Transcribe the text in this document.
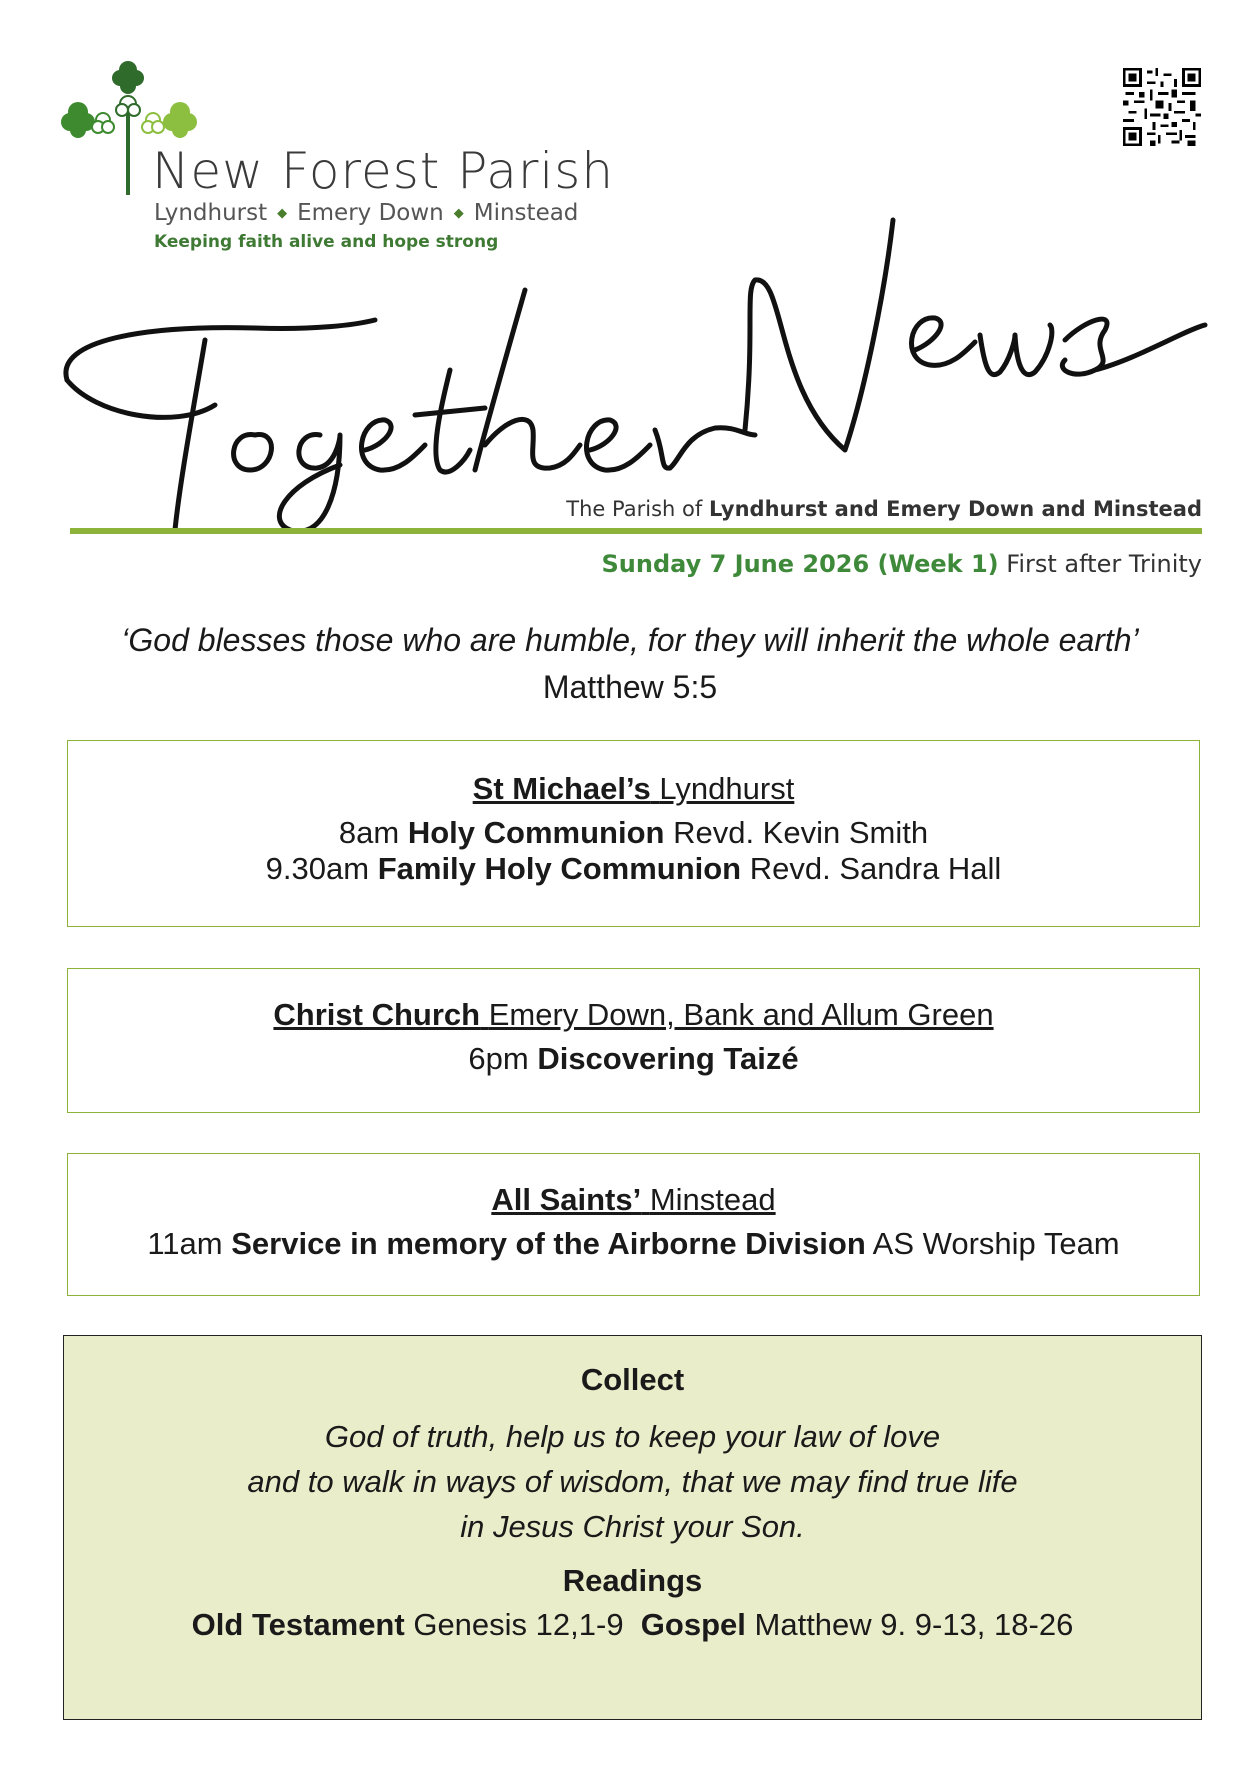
New Forest Parish
Lyndhurst ◆ Emery Down ◆ Minstead
Keeping faith alive and hope strong
Together News
The Parish of Lyndhurst and Emery Down and Minstead
Sunday 7 June 2026 (Week 1) First after Trinity
‘God blesses those who are humble, for they will inherit the whole earth’
Matthew 5:5
St Michael’s Lyndhurst
8am Holy Communion Revd. Kevin Smith
9.30am Family Holy Communion Revd. Sandra Hall
Christ Church Emery Down, Bank and Allum Green
6pm Discovering Taizé
All Saints’ Minstead
11am Service in memory of the Airborne Division AS Worship Team
Collect
God of truth, help us to keep your law of love
and to walk in ways of wisdom, that we may find true life
in Jesus Christ your Son.
Readings
Old Testament Genesis 12,1-9 Gospel Matthew 9. 9-13, 18-26
